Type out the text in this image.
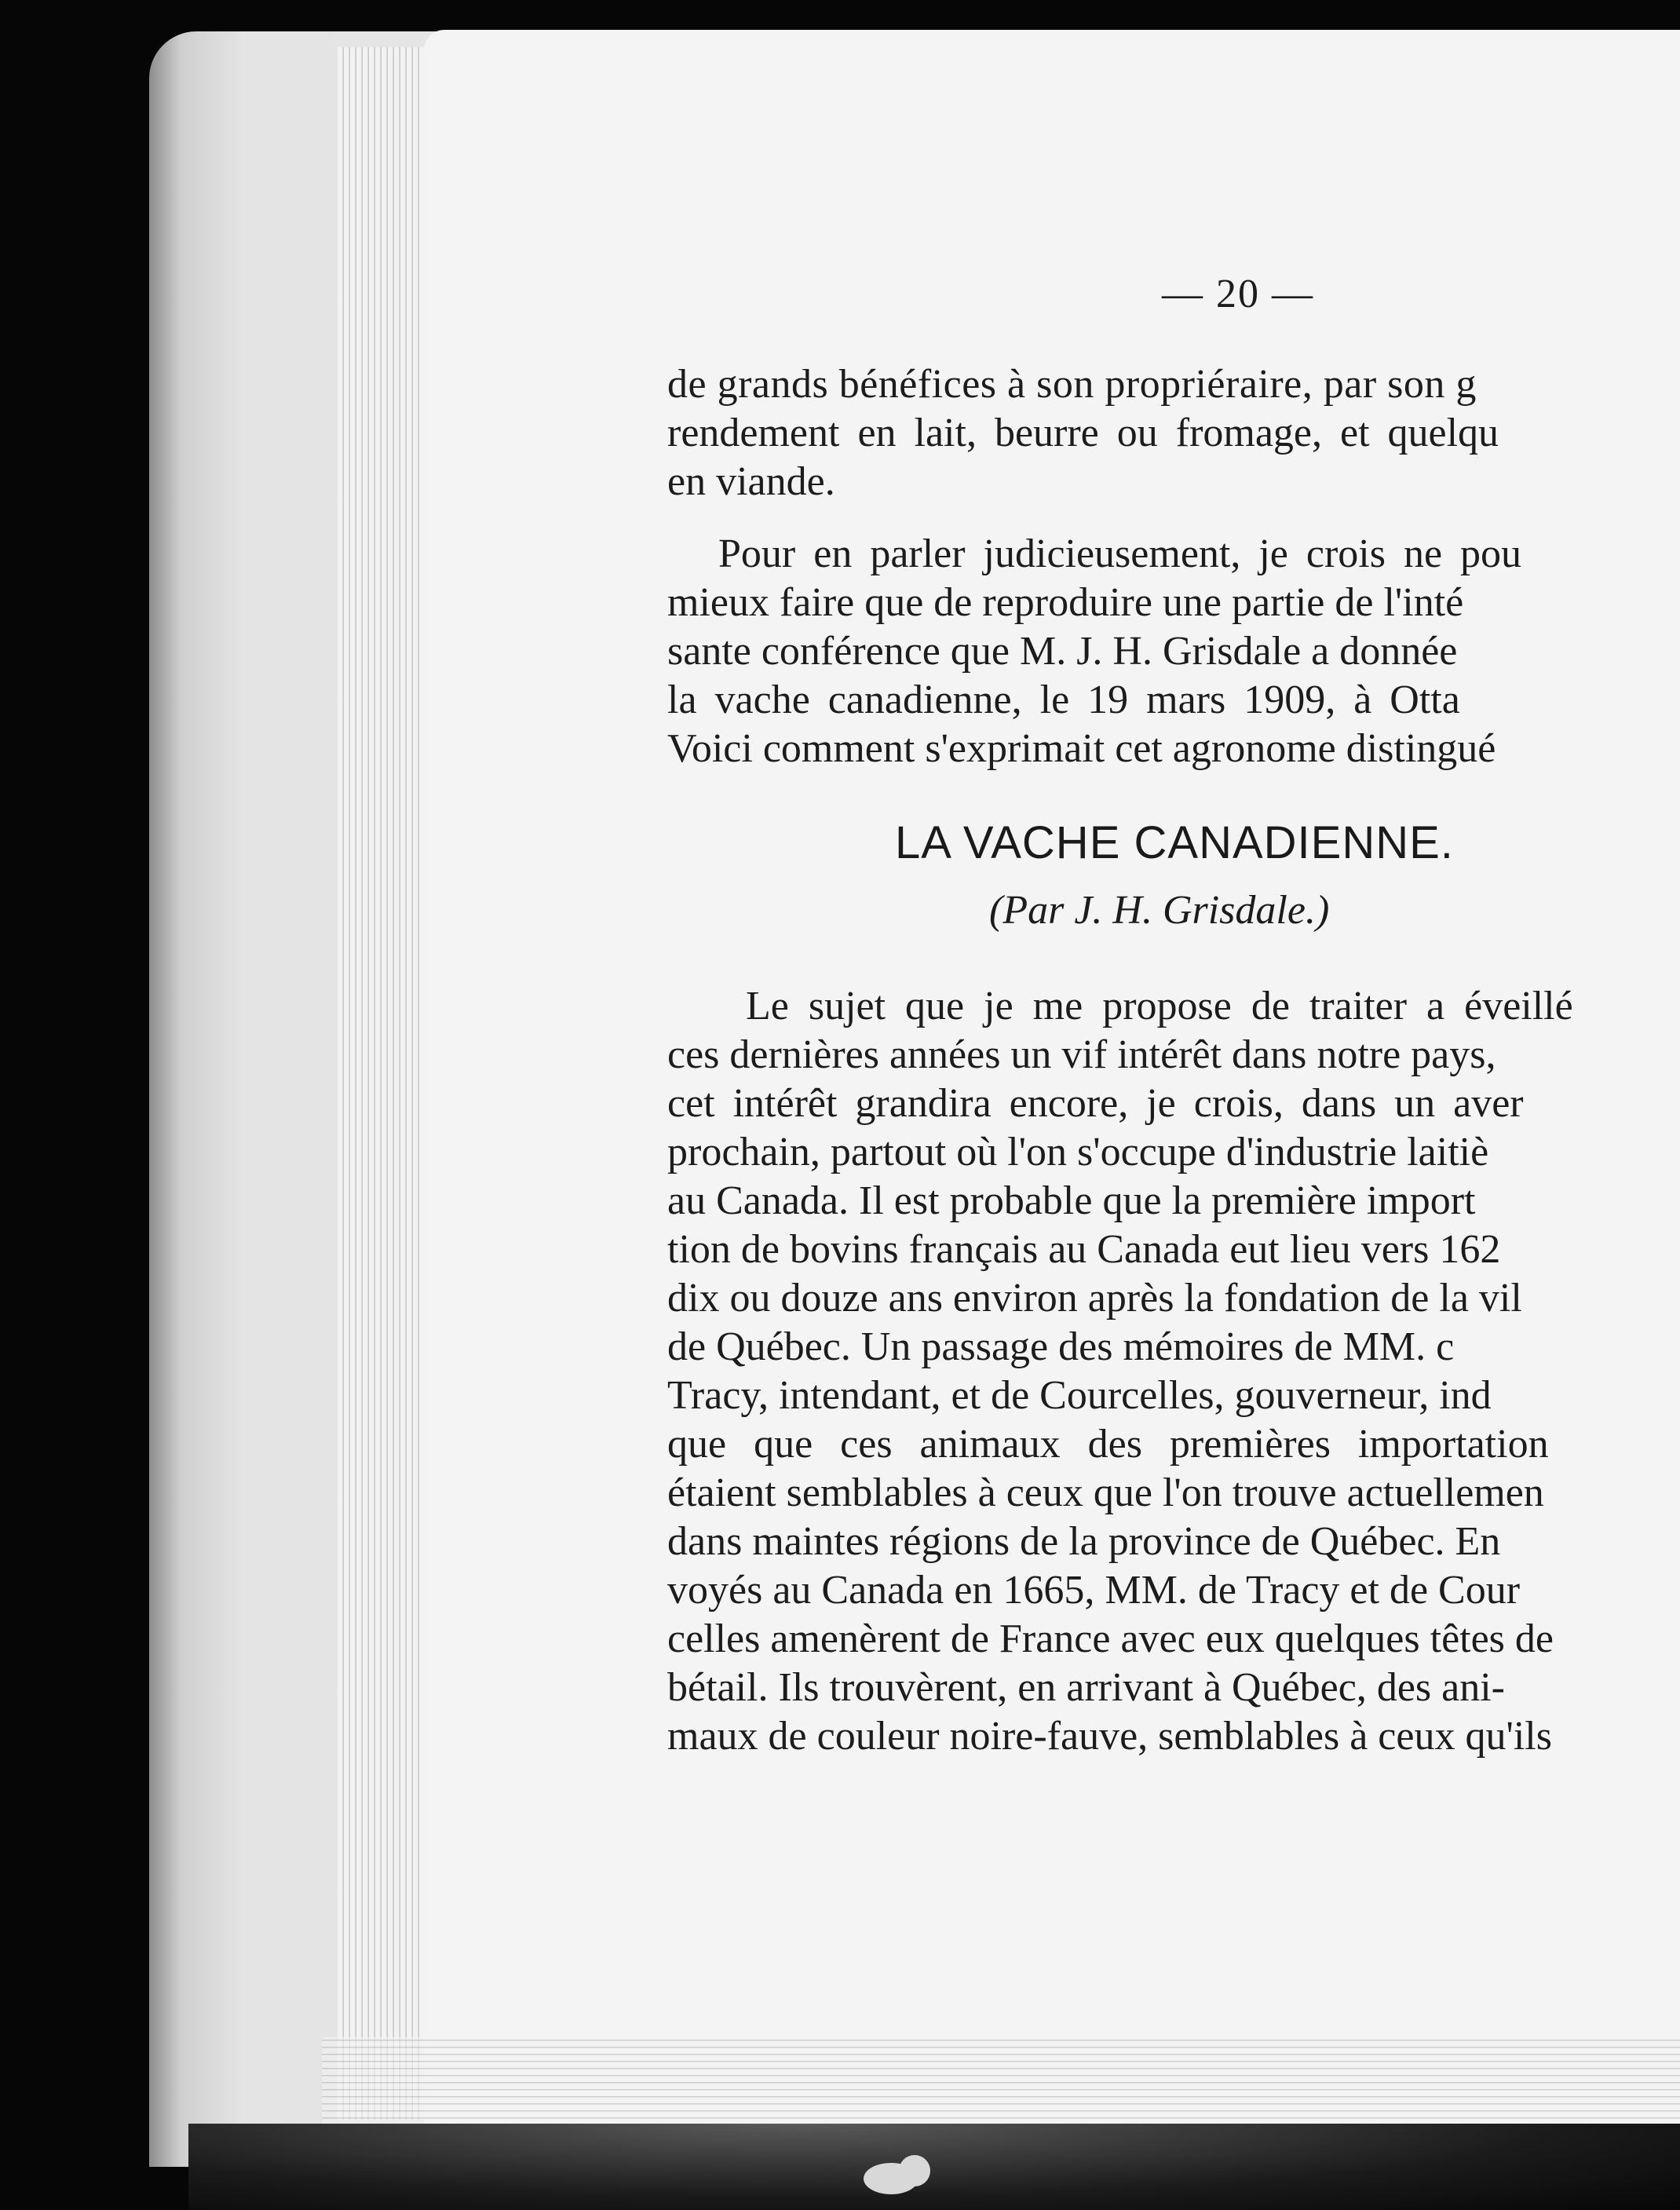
— 20 —
de grands bénéfices à son propriéraire, par son g
rendement en lait, beurre ou fromage, et quelqu
en viande.
Pour en parler judicieusement, je crois ne pou
mieux faire que de reproduire une partie de l'inté
sante conférence que M. J. H. Grisdale a donnée
la vache canadienne, le 19 mars 1909, à Otta
Voici comment s'exprimait cet agronome distingué
LA VACHE CANADIENNE.
(Par J. H. Grisdale.)
Le sujet que je me propose de traiter a éveillé
ces dernières années un vif intérêt dans notre pays,
cet intérêt grandira encore, je crois, dans un aver
prochain, partout où l'on s'occupe d'industrie laitiè
au Canada. Il est probable que la première import
tion de bovins français au Canada eut lieu vers 162
dix ou douze ans environ après la fondation de la vil
de Québec. Un passage des mémoires de MM. c
Tracy, intendant, et de Courcelles, gouverneur, ind
que que ces animaux des premières importation
étaient semblables à ceux que l'on trouve actuellemen
dans maintes régions de la province de Québec. En
voyés au Canada en 1665, MM. de Tracy et de Cour
celles amenèrent de France avec eux quelques têtes de
bétail. Ils trouvèrent, en arrivant à Québec, des ani-
maux de couleur noire-fauve, semblables à ceux qu'ils
